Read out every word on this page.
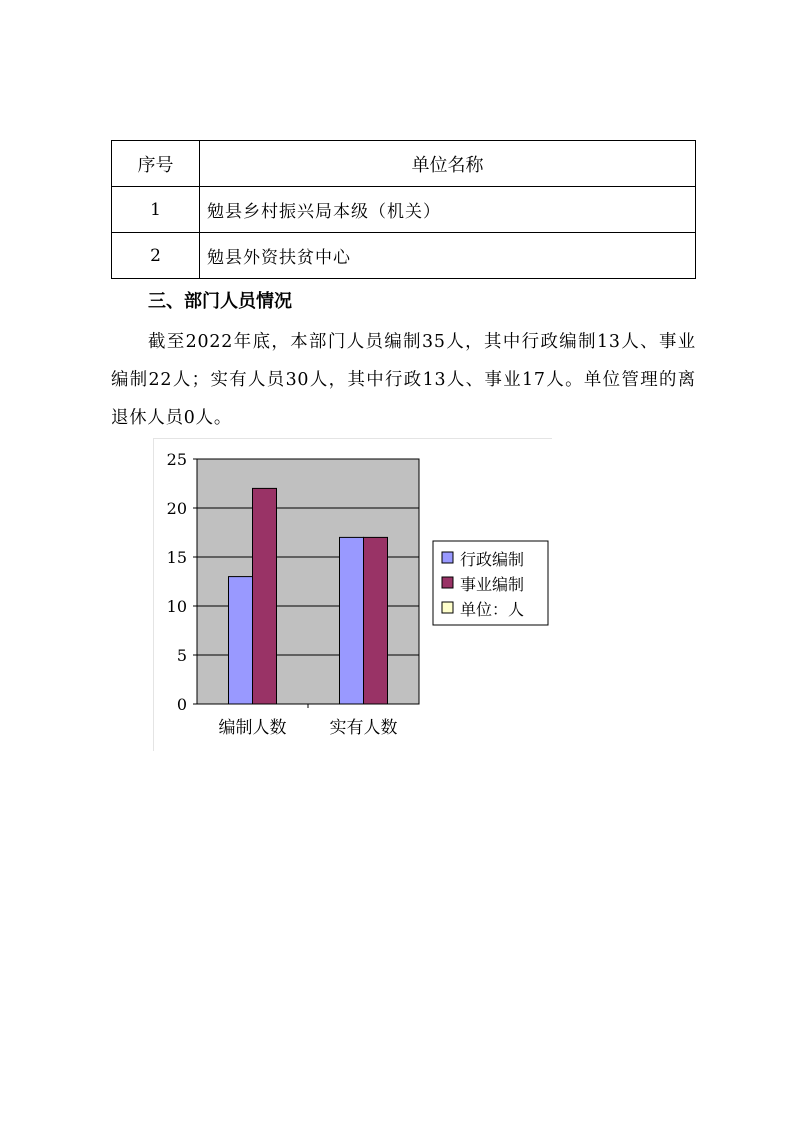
序号	单位名称
1	勉县乡村振兴局本级（机关）
2	勉县外资扶贫中心
三、部门人员情况

截至2022年底，本部门人员编制35人，其中行政编制13人、事业编制22人；实有人员30人，其中行政13人、事业17人。单位管理的离退休人员0人。

0
5
10
15
20
25
编制人数	实有人数
行政编制
事业编制
单位：人
